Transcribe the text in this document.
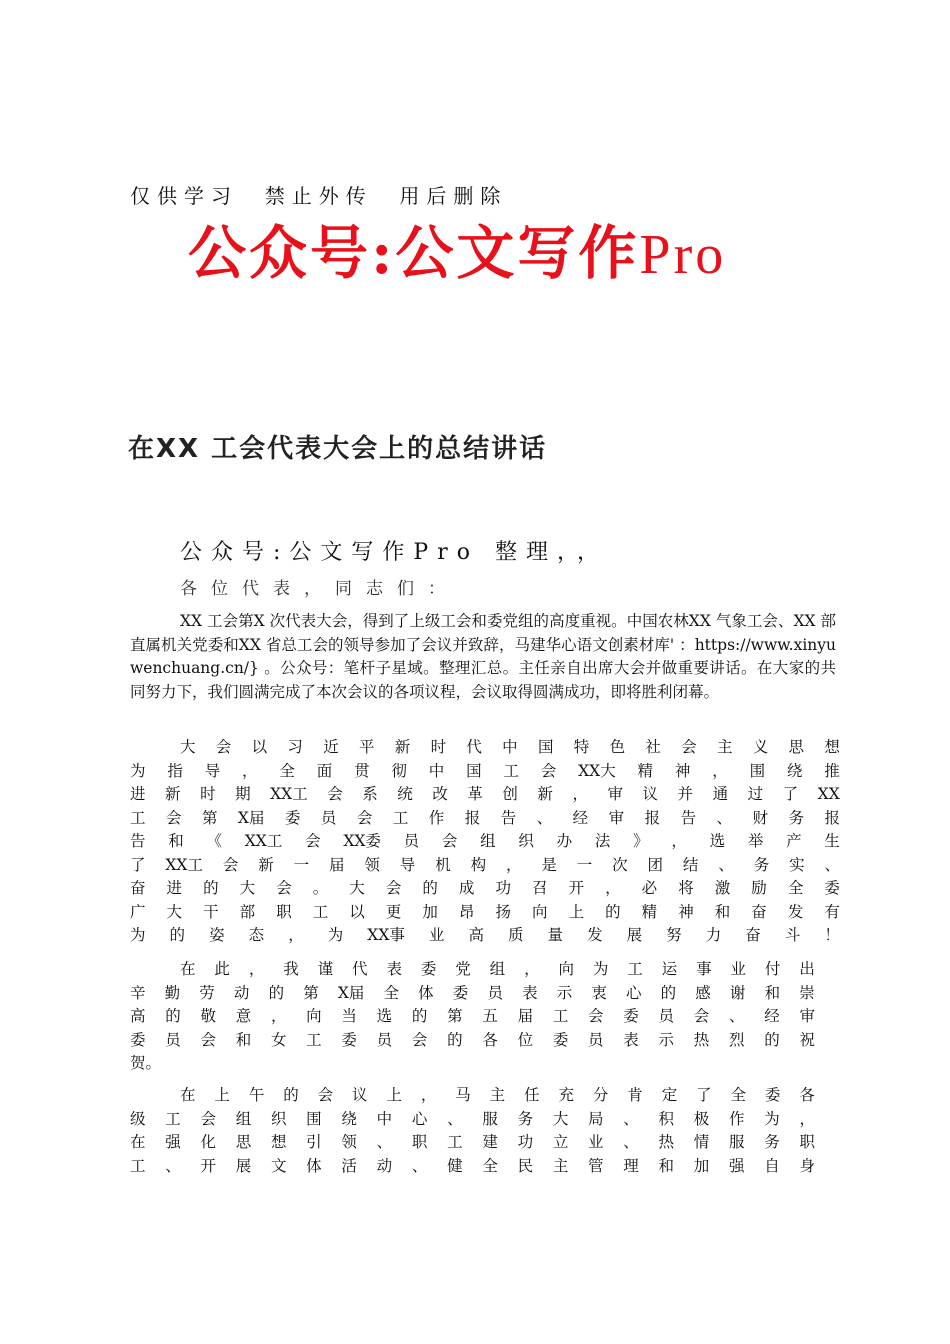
仅供学习  禁止外传  用后删除
公众号:公文写作Pro
在XX 工会代表大会上的总结讲话
公众号:公文写作Pro 整理，，
各位代表，同志们：
XX 工会第X 次代表大会，得到了上级工会和委党组的高度重视。中国农林XX 气象工会、XX 部直属机关党委和XX 省总工会的领导参加了会议并致辞，马建华心语文创素材库' ：https://www.xinyuwenchuang.cn/} 。公众号：笔杆子星域。整理汇总。主任亲自出席大会并做重要讲话。在大家的共同努力下，我们圆满完成了本次会议的各项议程，会议取得圆满成功，即将胜利闭幕。
大 会 以 习 近 平 新 时 代 中 国 特 色 社 会 主 义 思 想
为 指 导 ， 全 面 贯 彻 中 国 工 会 XX大 精 神 ， 围 绕 推
进 新 时 期 XX工 会 系 统 改 革 创 新 ， 审 议 并 通 过 了 XX
工 会 第 X届 委 员 会 工 作 报 告 、 经 审 报 告 、 财 务 报
告 和 《 XX工 会 XX委 员 会 组 织 办 法 》 ， 选 举 产 生
了 XX工 会 新 一 届 领 导 机 构 ， 是 一 次 团 结 、 务 实 、
奋 进 的 大 会 。 大 会 的 成 功 召 开 ， 必 将 激 励 全 委
广 大 干 部 职 工 以 更 加 昂 扬 向 上 的 精 神 和 奋 发 有
为 的 姿 态 ， 为 XX事 业 高 质 量 发 展 努 力 奋 斗 ！
在 此 ， 我 谨 代 表 委 党 组 ， 向 为 工 运 事 业 付 出
辛 勤 劳 动 的 第 X届 全 体 委 员 表 示 衷 心 的 感 谢 和 崇
高 的 敬 意 ， 向 当 选 的 第 五 届 工 会 委 员 会 、 经 审
委 员 会 和 女 工 委 员 会 的 各 位 委 员 表 示 热 烈 的 祝
贺 。
在 上 午 的 会 议 上 ， 马 主 任 充 分 肯 定 了 全 委 各
级 工 会 组 织 围 绕 中 心 、 服 务 大 局 、 积 极 作 为 ，
在 强 化 思 想 引 领 、 职 工 建 功 立 业 、 热 情 服 务 职
工 、 开 展 文 体 活 动 、 健 全 民 主 管 理 和 加 强 自 身
